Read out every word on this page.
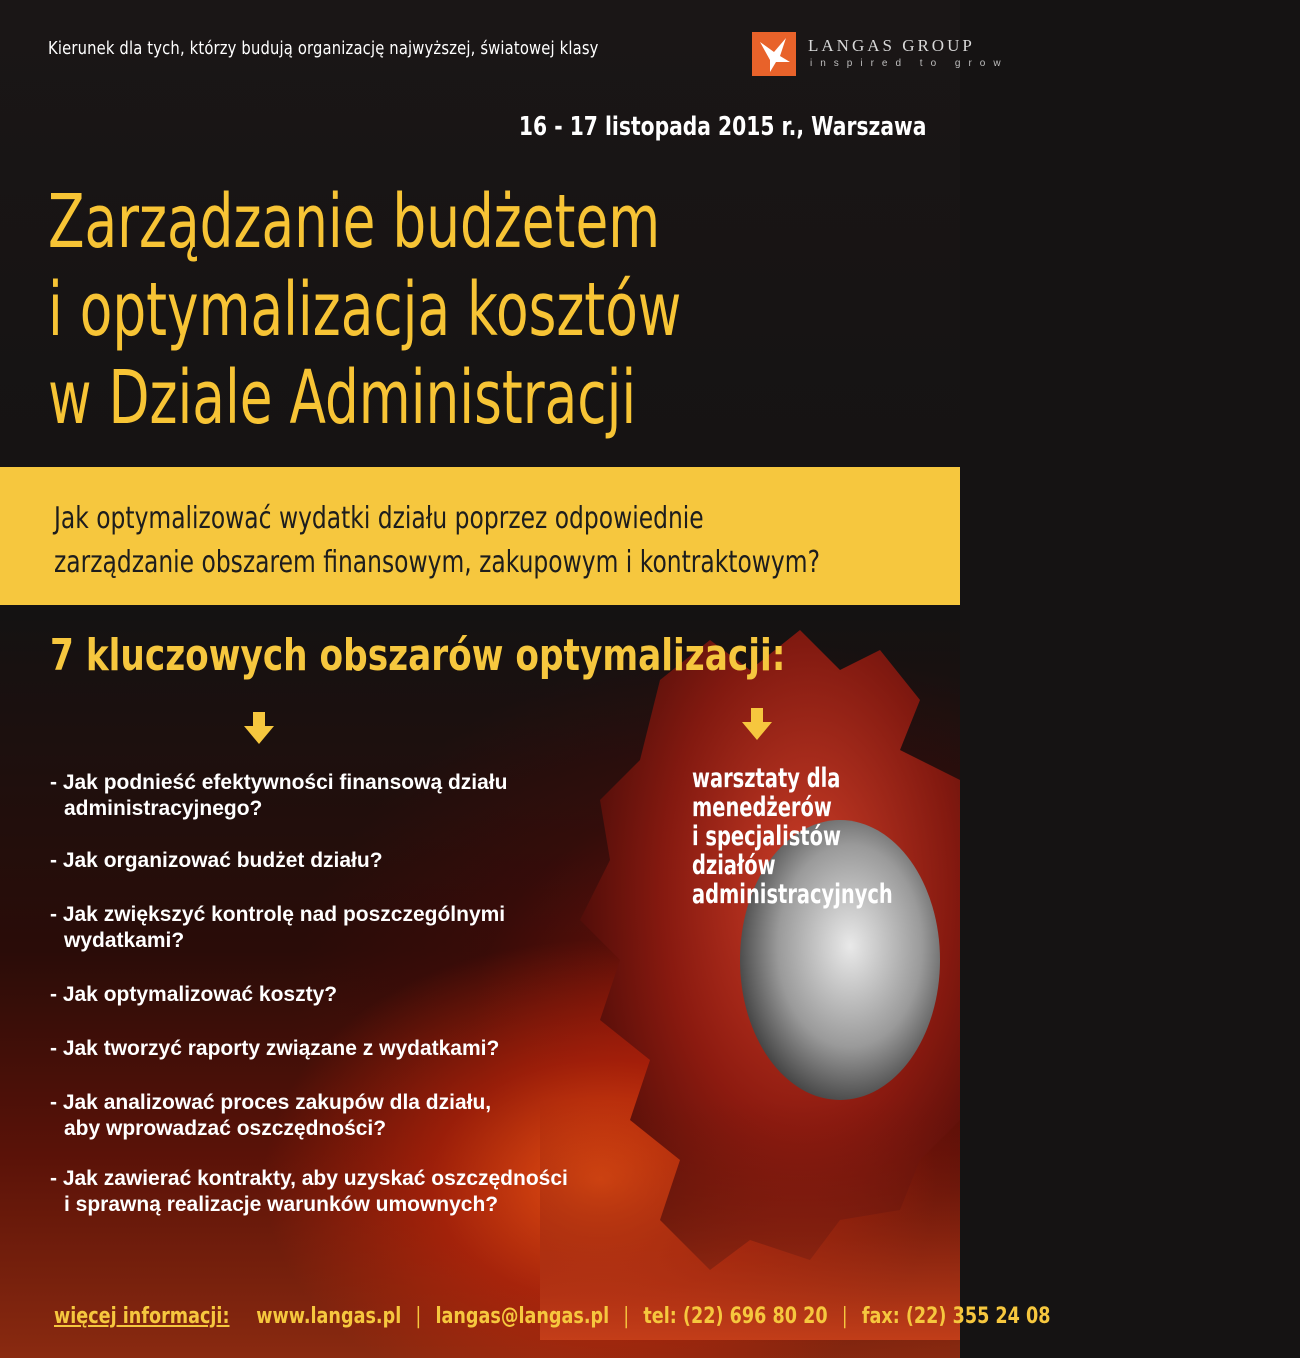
Kierunek dla tych, którzy budują organizację najwyższej, światowej klasy	LANGAS GROUP
inspired to grow
16 - 17 listopada 2015 r., Warszawa
Zarządzanie budżetem
i optymalizacja kosztów
w Dziale Administracji
Jak optymalizować wydatki działu poprzez odpowiednie
zarządzanie obszarem finansowym, zakupowym i kontraktowym?
7 kluczowych obszarów optymalizacji:
- Jak podnieść efektywności finansową działu
administracyjnego?
- Jak organizować budżet działu?
- Jak zwiększyć kontrolę nad poszczególnymi
wydatkami?
- Jak optymalizować koszty?
- Jak tworzyć raporty związane z wydatkami?
- Jak analizować proces zakupów dla działu,
aby wprowadzać oszczędności?
- Jak zawierać kontrakty, aby uzyskać oszczędności
i sprawną realizacje warunków umownych?
warsztaty dla
menedżerów
i specjalistów
działów
administracyjnych
więcej informacji: www.langas.pl | langas@langas.pl | tel: (22) 696 80 20 | fax: (22) 355 24 08
